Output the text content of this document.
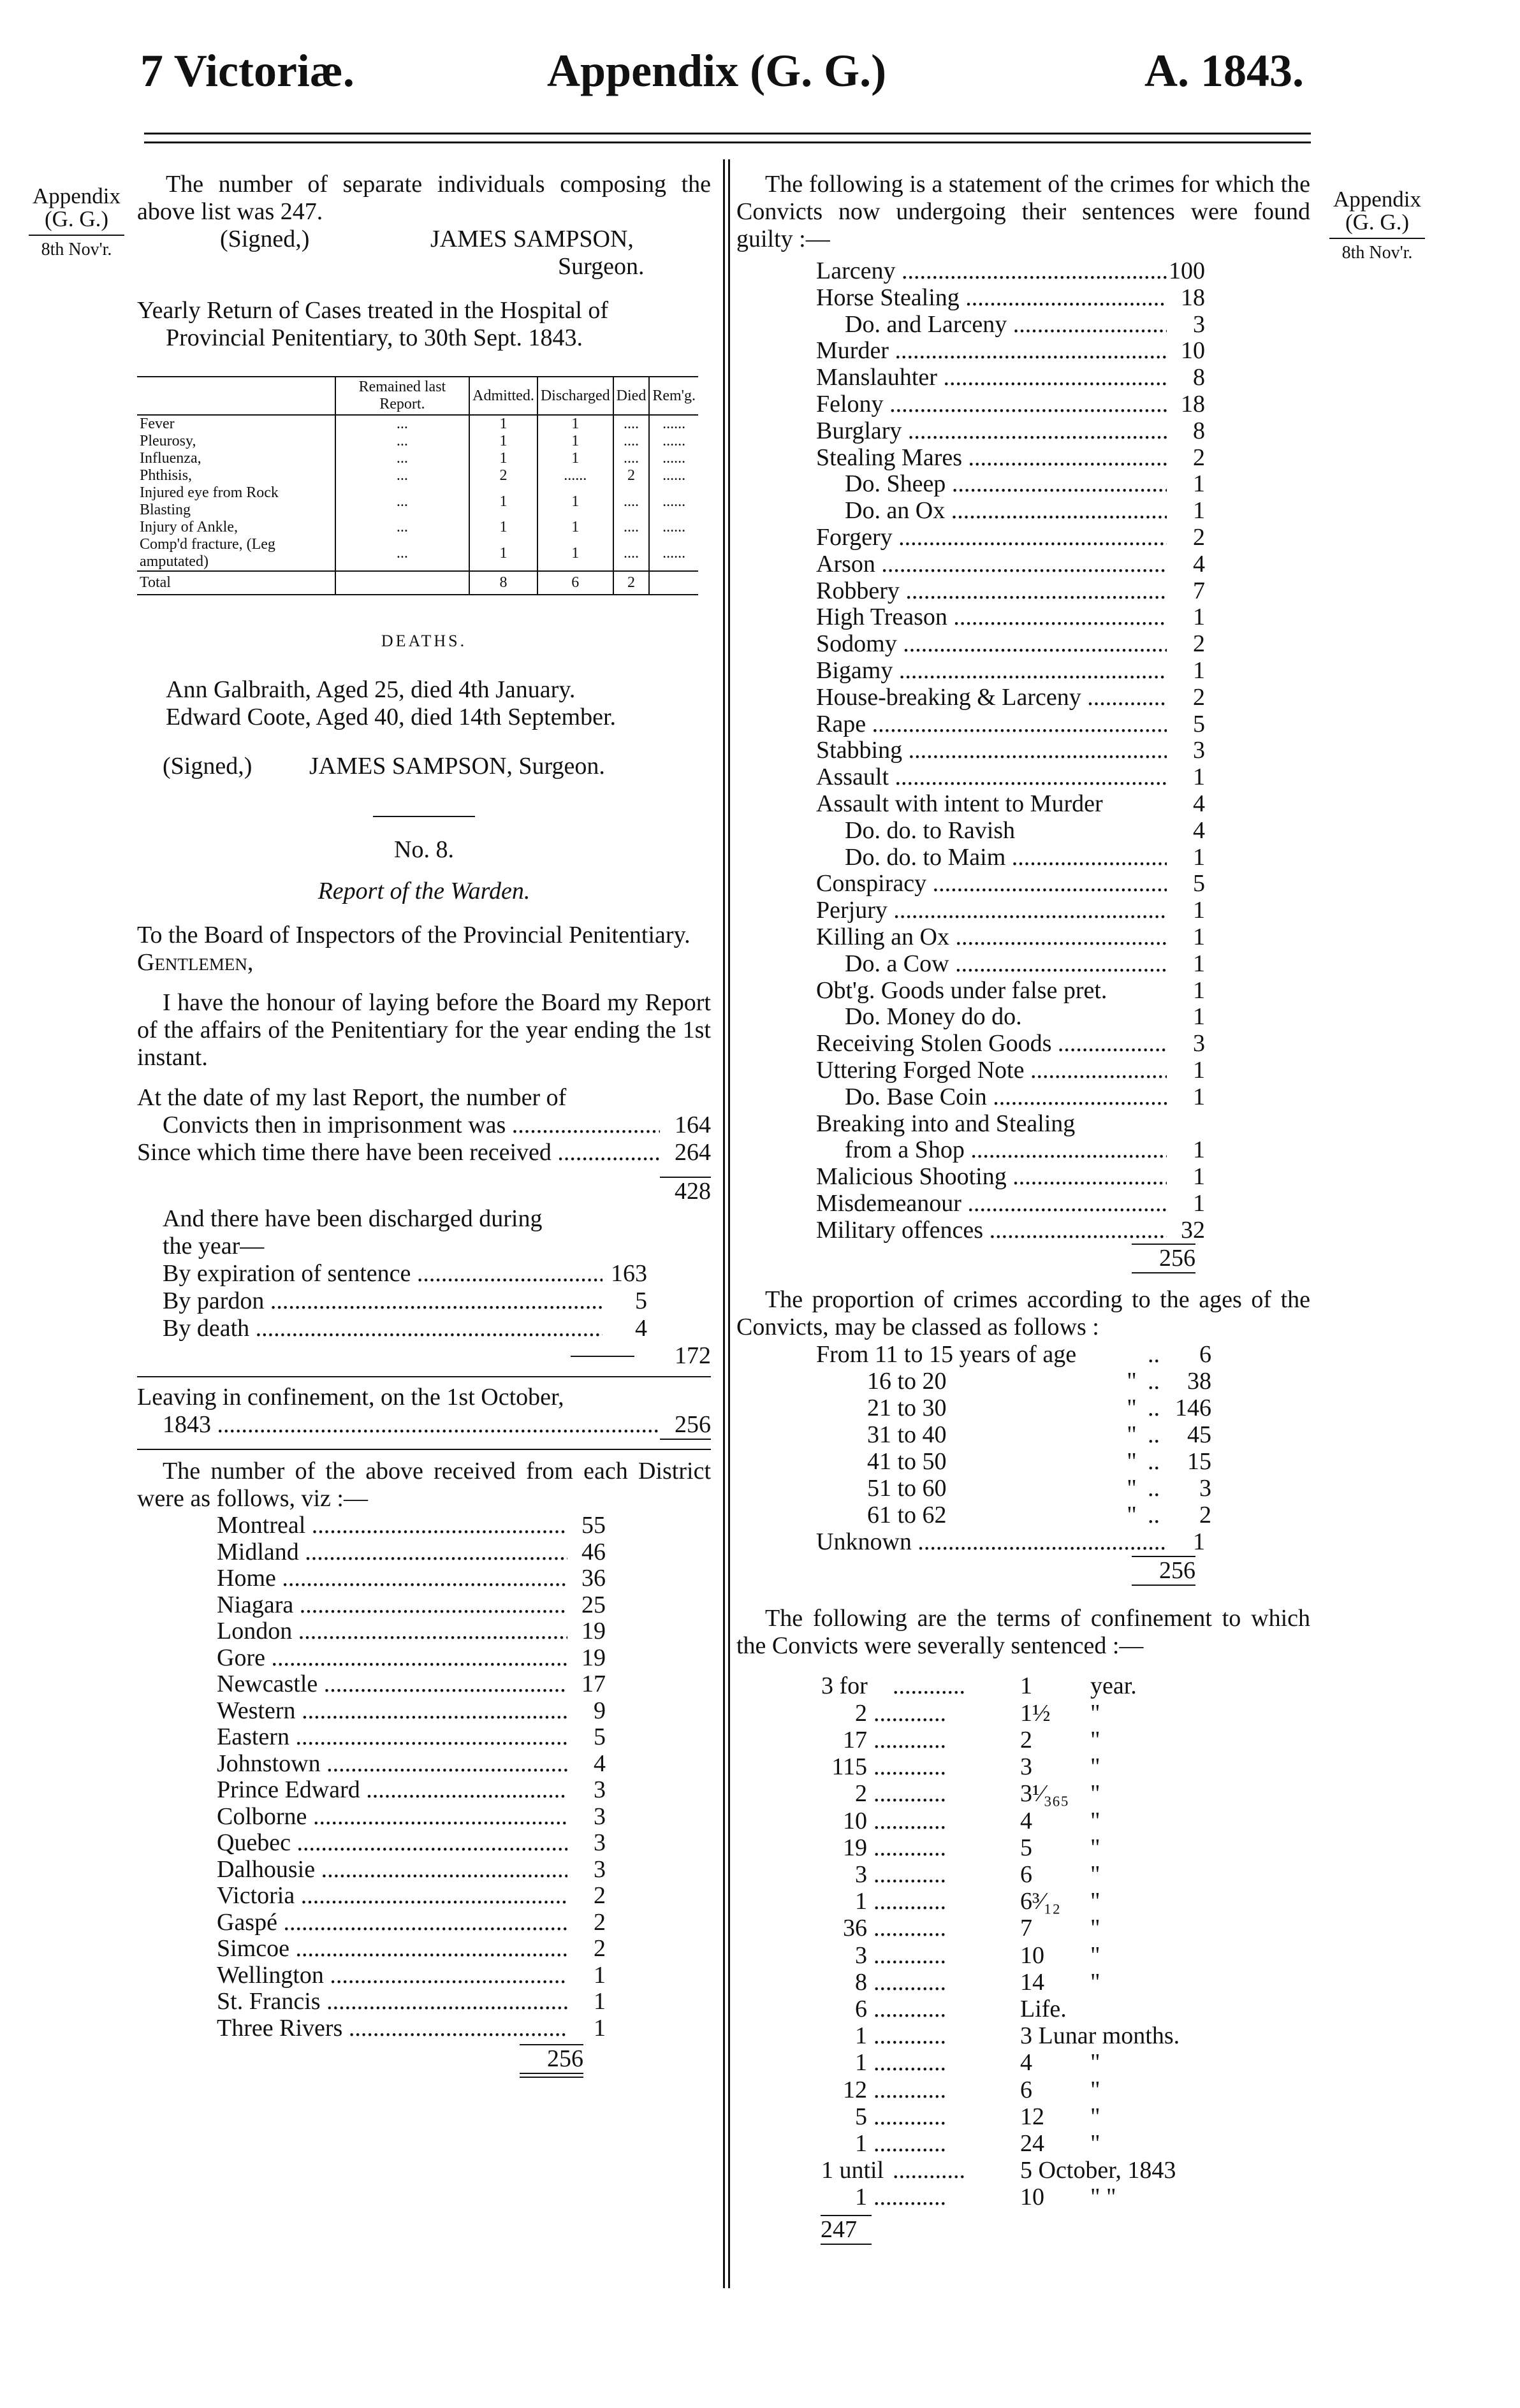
7 Victoriæ.	Appendix (G. G.)	A. 1843.
Appendix
(G. G.)
8th Nov'r.
Appendix
(G. G.)
8th Nov'r.
The number of separate individuals composing the above list was 247.
(Signed,)	JAMES SAMPSON,
Surgeon.
Yearly Return of Cases treated in the Hospital of Provincial Penitentiary, to 30th Sept. 1843.
	Remained last Report.	Admitted.	Discharged	Died	Rem'g.
Fever	...	1	1	....	......
Pleurosy,	...	1	1	....	......
Influenza,	...	1	1	....	......
Phthisis,	...	2	......	2	......
Injured eye from Rock Blasting	...	1	1	....	......
Injury of Ankle,	...	1	1	....	......
Comp'd fracture, (Leg amputated)	...	1	1	....	......
Total		8	6	2	
DEATHS.
Ann Galbraith, Aged 25, died 4th January.
Edward Coote, Aged 40, died 14th September.
(Signed,)	JAMES SAMPSON, Surgeon.
No. 8.
Report of the Warden.
To the Board of Inspectors of the Provincial Penitentiary.
Gentlemen,
I have the honour of laying before the Board my Report of the affairs of the Penitentiary for the year ending the 1st instant.
At the date of my last Report, the number of
Convicts then in imprisonment was .....	164
Since which time there have been received .....	264
428
And there have been discharged during the year—
By expiration of sentence .....	163
By pardon .....	5
By death .....	4
172
Leaving in confinement, on the 1st October,
1843 .....	256
The number of the above received from each District were as follows, viz :—
Montreal .....	55
Midland .....	46
Home .....	36
Niagara .....	25
London .....	19
Gore .....	19
Newcastle .....	17
Western .....	9
Eastern .....	5
Johnstown .....	4
Prince Edward .....	3
Colborne .....	3
Quebec .....	3
Dalhousie .....	3
Victoria .....	2
Gaspé .....	2
Simcoe .....	2
Wellington .....	1
St. Francis .....	1
Three Rivers .....	1
256
The following is a statement of the crimes for which the Convicts now undergoing their sentences were found guilty :—
Larceny .....	100
Horse Stealing .....	18
Do. and Larceny .....	3
Murder .....	10
Manslauhter .....	8
Felony .....	18
Burglary .....	8
Stealing Mares .....	2
Do. Sheep .....	1
Do. an Ox .....	1
Forgery .....	2
Arson .....	4
Robbery .....	7
High Treason .....	1
Sodomy .....	2
Bigamy .....	1
House-breaking & Larceny .....	2
Rape .....	5
Stabbing .....	3
Assault .....	1
Assault with intent to Murder	4
Do. do. to Ravish	4
Do. do. to Maim .....	1
Conspiracy .....	5
Perjury .....	1
Killing an Ox .....	1
Do. a Cow .....	1
Obt'g. Goods under false pret.	1
Do. Money do do.	1
Receiving Stolen Goods .....	3
Uttering Forged Note .....	1
Do. Base Coin .....	1
Breaking into and Stealing
from a Shop .....	1
Malicious Shooting .....	1
Misdemeanour .....	1
Military offences .....	32
256
The proportion of crimes according to the ages of the Convicts, may be classed as follows :
From 11 to 15 years of age	..	6
16 to 20	" ..	38
21 to 30	" .. 146
31 to 40	" ..	45
41 to 50	" ..	15
51 to 60	" ..	3
61 to 62	" ..	2
Unknown .....	1
256
The following are the terms of confinement to which the Convicts were severally sentenced :—
3 for	............	1	year.
2 ............	1½	"
17 ............	2	"
115 ............	3	"
2 ............	3¹⁄₃₆₅ "
10 ............	4	"
19 ............	5	"
3 ............	6	"
1 ............	6³⁄₁₂	"
36 ............	7	"
3 ............	10	"
8 ............	14	"
6 ............	Life.
1 ............	3 Lunar months.
1 ............	4	"
12 ............	6	"
5 ............	12	"
1 ............	24	"
1 until ............	5 October, 1843
1 ............	10	" "
247
